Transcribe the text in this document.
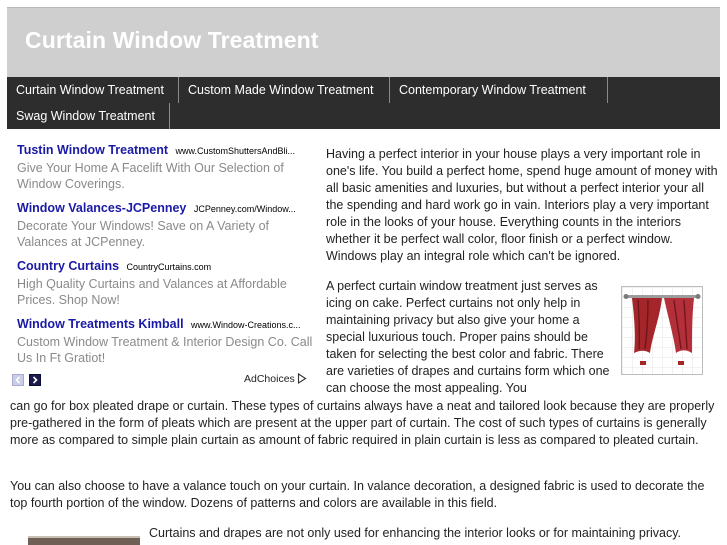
Curtain Window Treatment
Curtain Window Treatment	Custom Made Window Treatment	Contemporary Window Treatment
Swag Window Treatment
Tustin Window Treatment www.CustomShuttersAndBli...
Give Your Home A Facelift With Our Selection of Window Coverings.
Window Valances-JCPenney JCPenney.com/Window...
Decorate Your Windows! Save on A Variety of Valances at JCPenney.
Country Curtains CountryCurtains.com
High Quality Curtains and Valances at Affordable Prices. Shop Now!
Window Treatments Kimball www.Window-Creations.c...
Custom Window Treatment & Interior Design Co. Call Us In Ft Gratiot!
AdChoices

Having a perfect interior in your house plays a very important role in one's life. You build a perfect home, spend huge amount of money with all basic amenities and luxuries, but without a perfect interior your all the spending and hard work go in vain. Interiors play a very important role in the looks of your house. Everything counts in the interiors whether it be perfect wall color, floor finish or a perfect window. Windows play an integral role which can't be ignored.

A perfect curtain window treatment just serves as icing on cake. Perfect curtains not only help in maintaining privacy but also give your home a special luxurious touch. Proper pains should be taken for selecting the best color and fabric. There are varieties of drapes and curtains form which one can choose the most appealing. You

can go for box pleated drape or curtain. These types of curtains always have a neat and tailored look because they are properly pre-gathered in the form of pleats which are present at the upper part of curtain. The cost of such types of curtains is generally more as compared to simple plain curtain as amount of fabric required in plain curtain is less as compared to pleated curtain.

You can also choose to have a valance touch on your curtain. In valance decoration, a designed fabric is used to decorate the top fourth portion of the window. Dozens of patterns and colors are available in this field.

Curtains and drapes are not only used for enhancing the interior looks or for maintaining privacy.
